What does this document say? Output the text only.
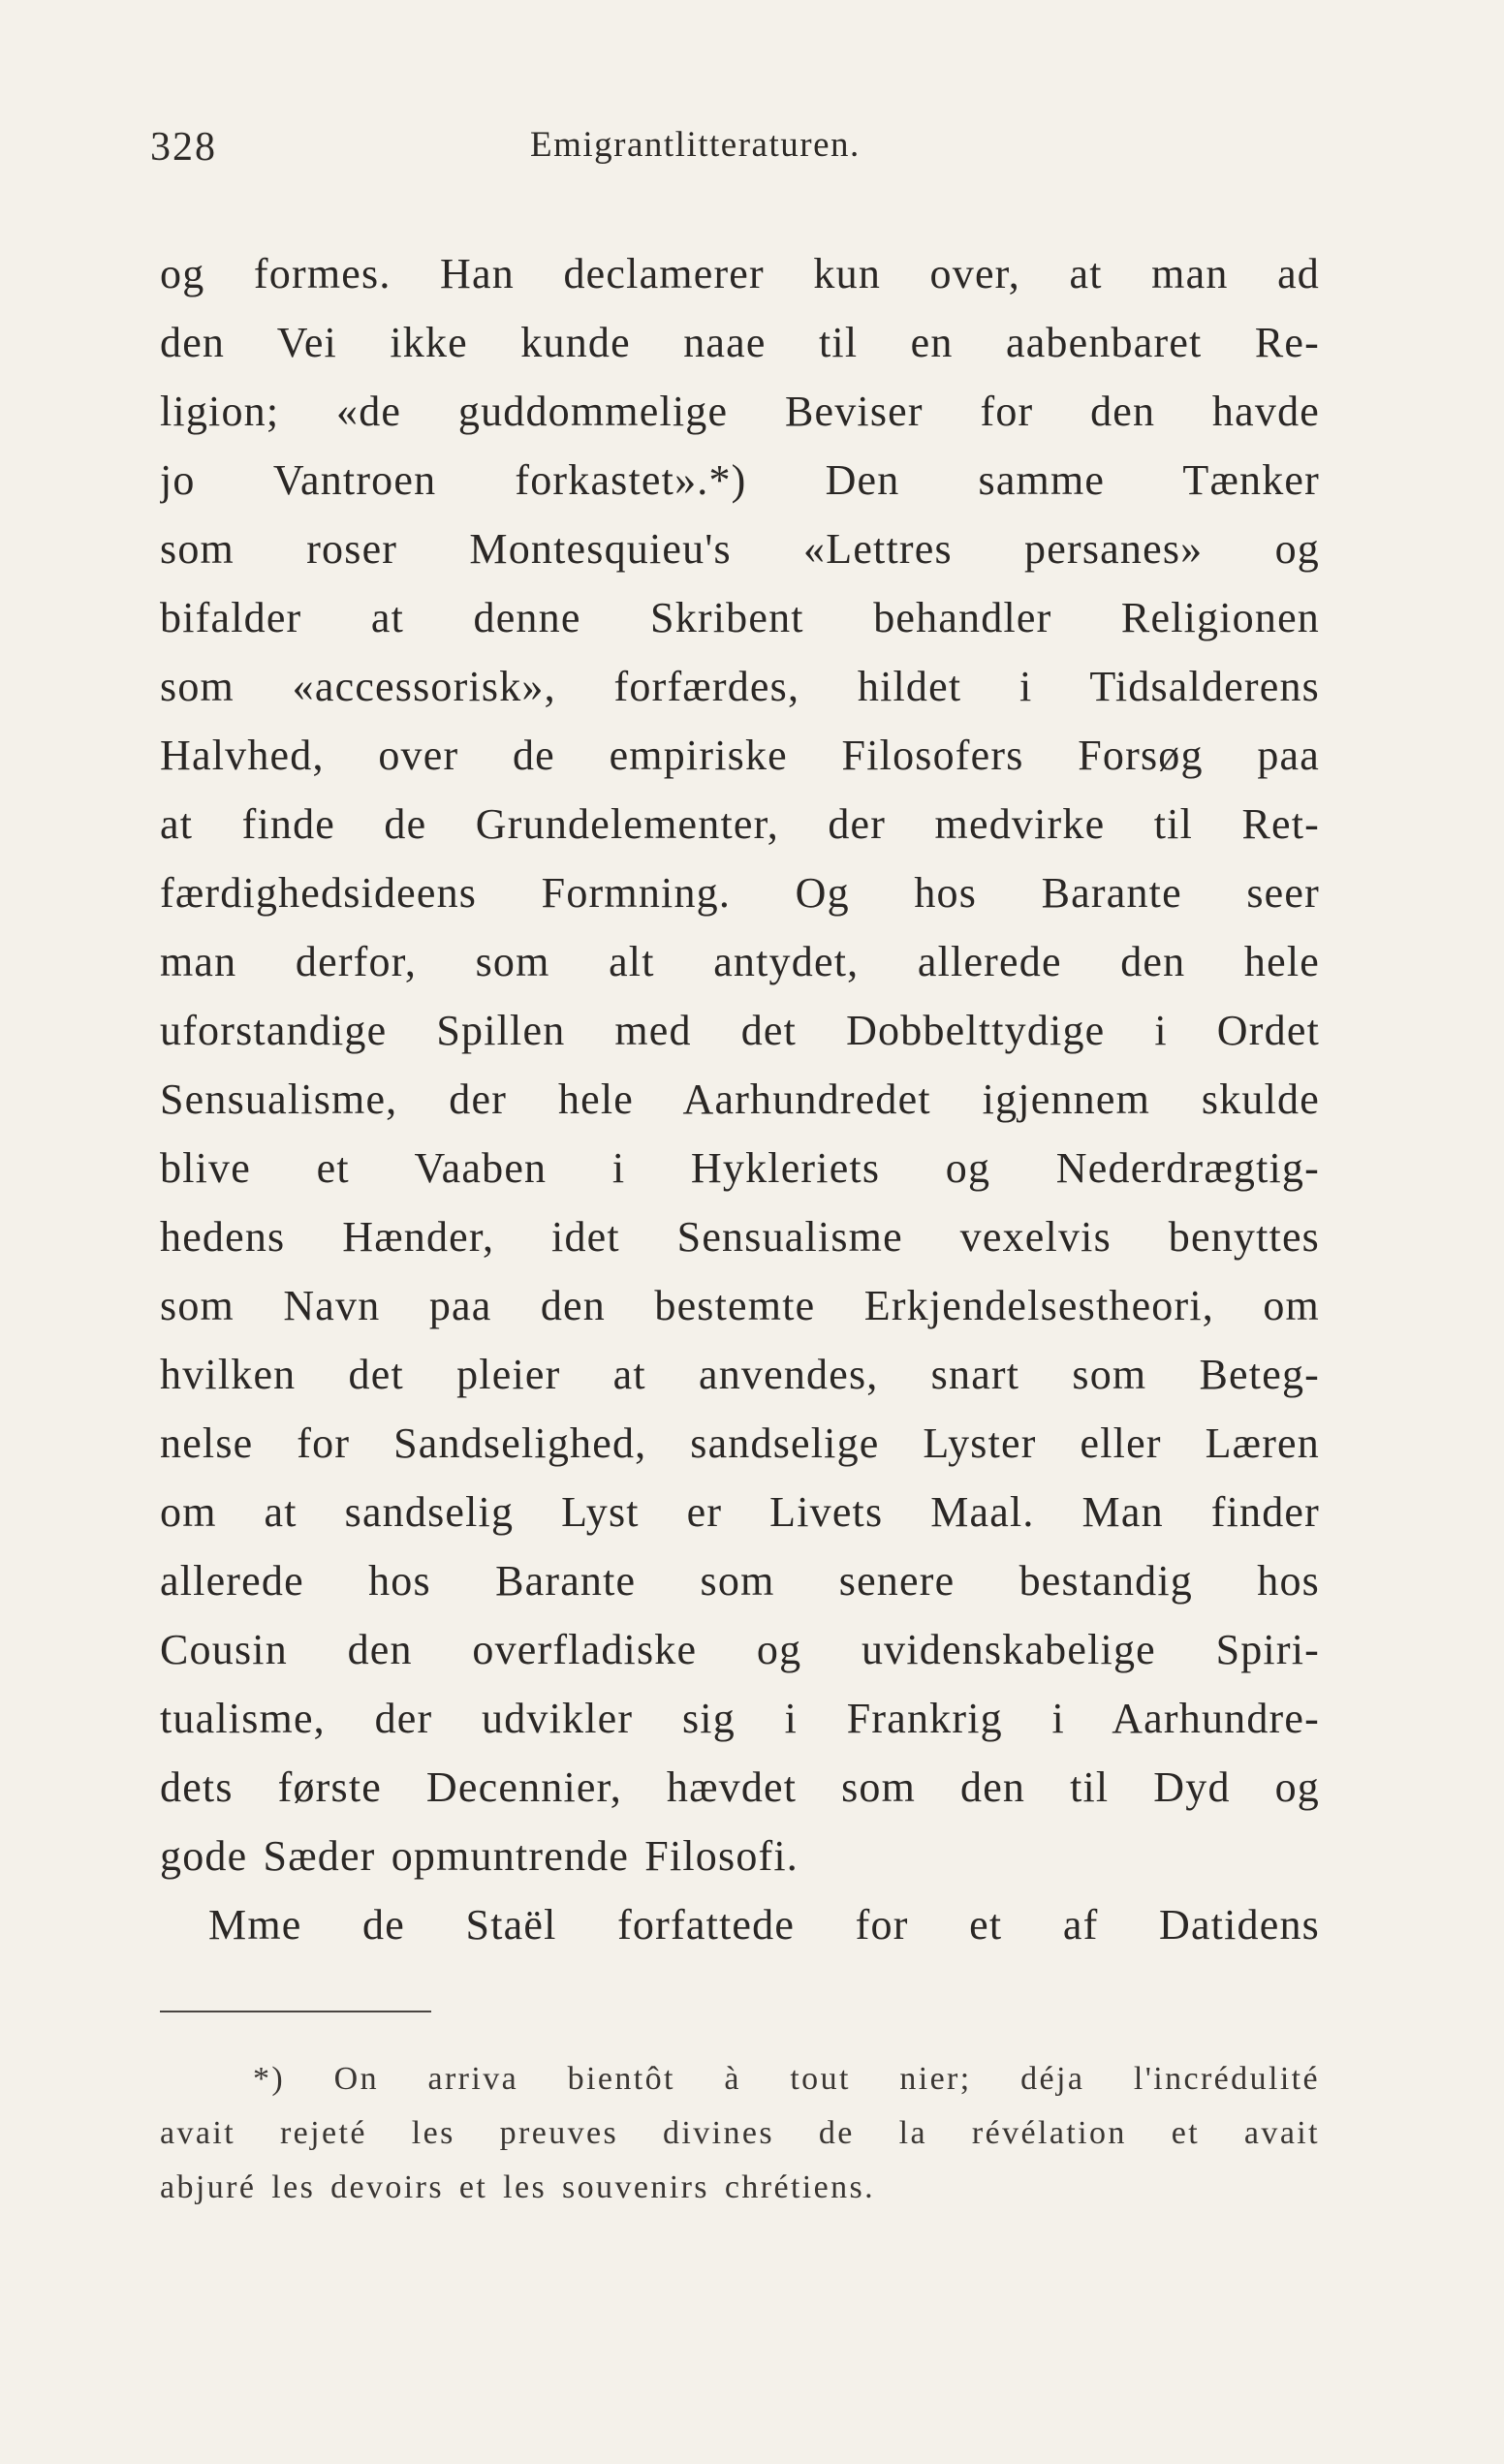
328	Emigrantlitteraturen.
og formes. Han declamerer kun over, at man ad
den Vei ikke kunde naae til en aabenbaret Re-
ligion; «de guddommelige Beviser for den havde
jo Vantroen forkastet».*) Den samme Tænker
som roser Montesquieu's «Lettres persanes» og
bifalder at denne Skribent behandler Religionen
som «accessorisk», forfærdes, hildet i Tidsalderens
Halvhed, over de empiriske Filosofers Forsøg paa
at finde de Grundelementer, der medvirke til Ret-
færdighedsideens Formning. Og hos Barante seer
man derfor, som alt antydet, allerede den hele
uforstandige Spillen med det Dobbelttydige i Ordet
Sensualisme, der hele Aarhundredet igjennem skulde
blive et Vaaben i Hykleriets og Nederdrægtig-
hedens Hænder, idet Sensualisme vexelvis benyttes
som Navn paa den bestemte Erkjendelsestheori, om
hvilken det pleier at anvendes, snart som Beteg-
nelse for Sandselighed, sandselige Lyster eller Læren
om at sandselig Lyst er Livets Maal. Man finder
allerede hos Barante som senere bestandig hos
Cousin den overfladiske og uvidenskabelige Spiri-
tualisme, der udvikler sig i Frankrig i Aarhundre-
dets første Decennier, hævdet som den til Dyd og
gode Sæder opmuntrende Filosofi.
Mme de Staël forfattede for et af Datidens
*) On arriva bientôt à tout nier; déja l'incrédulité
avait rejeté les preuves divines de la révélation et avait
abjuré les devoirs et les souvenirs chrétiens.
